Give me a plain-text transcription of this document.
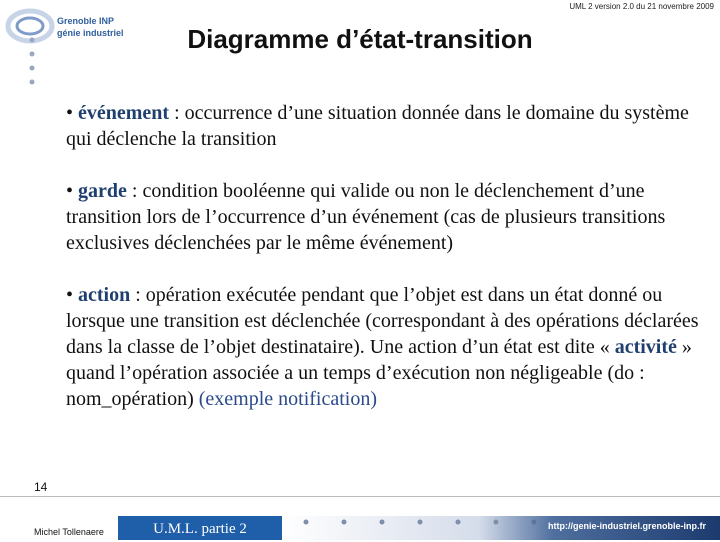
UML 2 version 2.0 du 21 novembre 2009
Grenoble INP
génie industriel	Diagramme d’état-transition

• événement : occurrence d’une situation donnée dans le domaine du système qui déclenche la transition

• garde : condition booléenne qui valide ou non le déclenchement d’une transition lors de l’occurrence d’un événement (cas de plusieurs transitions exclusives déclenchées par le même événement)

• action : opération exécutée pendant que l’objet est dans un état donné ou lorsque une transition est déclenchée (correspondant à des opérations déclarées dans la classe de l’objet destinataire). Une action d’un état est dite « activité » quand l’opération associée a un temps d’exécution non négligeable (do : nom_opération) (exemple notification)

14
Michel Tollenaere	U.M.L. partie 2	http://genie-industriel.grenoble-inp.fr
